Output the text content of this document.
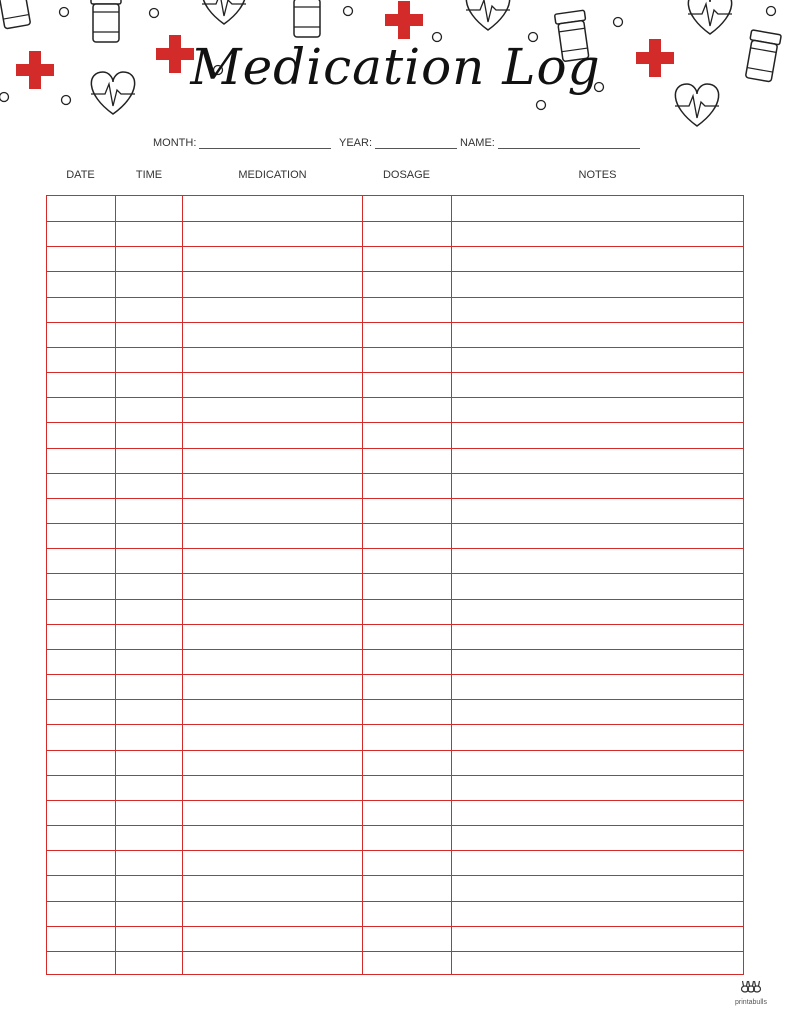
Medication Log
MONTH:	YEAR:	NAME:
DATE	TIME	MEDICATION	DOSAGE	NOTES
printabulls
